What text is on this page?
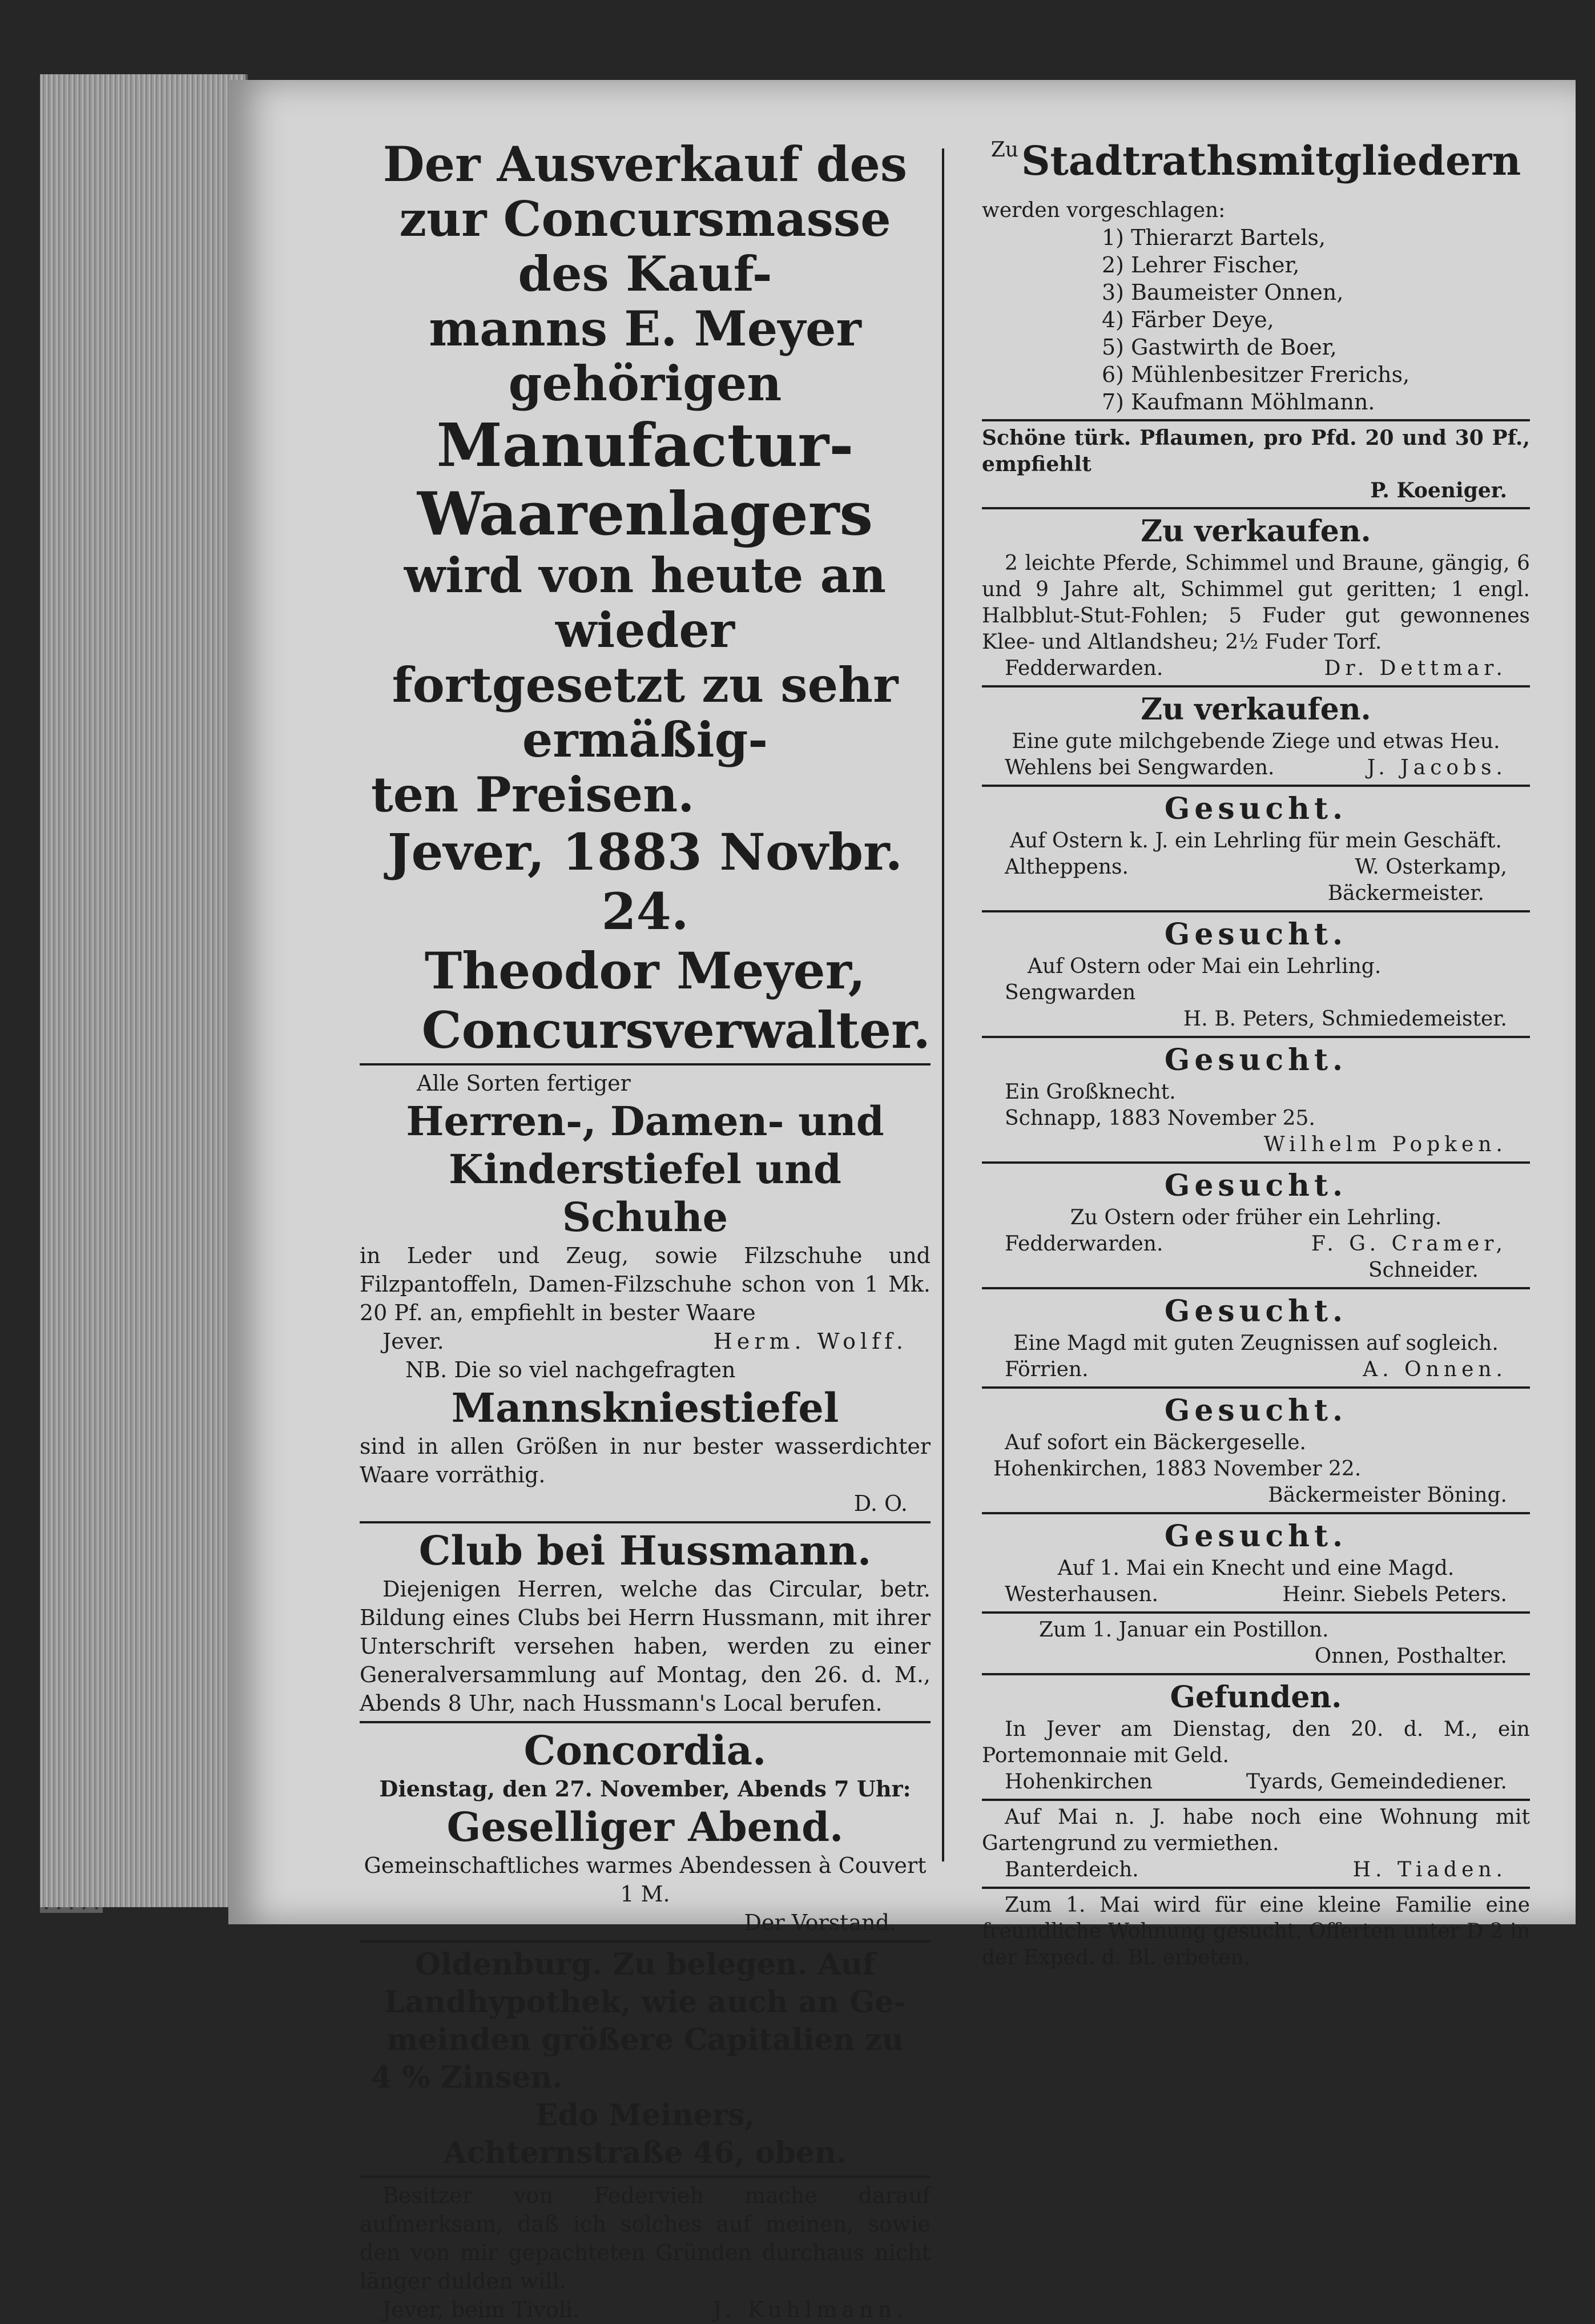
Der Ausverkauf des
zur Concursmasse des Kauf-
manns E. Meyer gehörigen
Manufactur-
Waarenlagers
wird von heute an wieder
fortgesetzt zu sehr ermäßig-
ten Preisen.
Jever, 1883 Novbr. 24.
Theodor Meyer,
Concursverwalter.
Alle Sorten fertiger
Herren-, Damen- und
Kinderstiefel und Schuhe
in Leder und Zeug, sowie Filzschuhe und Filzpantoffeln, Damen-Filzschuhe schon von 1 Mk. 20 Pf. an, empfiehlt in bester Waare
Jever.	Herm. Wolff.
NB. Die so viel nachgefragten
Mannskniestiefel
sind in allen Größen in nur bester wasserdichter Waare vorräthig.
D. O.
Club bei Hussmann.
Diejenigen Herren, welche das Circular, betr. Bildung eines Clubs bei Herrn Hussmann, mit ihrer Unterschrift versehen haben, werden zu einer Generalversammlung auf Montag, den 26. d. M., Abends 8 Uhr, nach Hussmann's Local berufen.
Concordia.
Dienstag, den 27. November, Abends 7 Uhr:
Geselliger Abend.
Gemeinschaftliches warmes Abendessen à Couvert 1 M.
Der Vorstand.
Oldenburg. Zu belegen. Auf
Landhypothek, wie auch an Ge-
meinden größere Capitalien zu
4 % Zinsen.
Edo Meiners,
Achternstraße 46, oben.
Besitzer von Federvieh mache darauf aufmerksam, daß ich solches auf meinen, sowie den von mir gepachteten Gründen durchaus nicht länger dulden will.
Jever, beim Tivoli.	J. Kuhlmann.
Zu Stadtrathsmitgliedern
werden vorgeschlagen:
1) Thierarzt Bartels,
2) Lehrer Fischer,
3) Baumeister Onnen,
4) Färber Deye,
5) Gastwirth de Boer,
6) Mühlenbesitzer Frerichs,
7) Kaufmann Möhlmann.
Schöne türk. Pflaumen, pro Pfd. 20 und 30 Pf., empfiehlt
P. Koeniger.
Zu verkaufen.
2 leichte Pferde, Schimmel und Braune, gängig, 6 und 9 Jahre alt, Schimmel gut geritten; 1 engl. Halbblut-Stut-Fohlen; 5 Fuder gut gewonnenes Klee- und Altlandsheu; 2½ Fuder Torf.
Fedderwarden.	Dr. Dettmar.
Zu verkaufen.
Eine gute milchgebende Ziege und etwas Heu.
Wehlens bei Sengwarden.	J. Jacobs.
Gesucht.
Auf Ostern k. J. ein Lehrling für mein Geschäft.
Altheppens.	W. Osterkamp,
Bäckermeister.
Gesucht.
Auf Ostern oder Mai ein Lehrling.
Sengwarden
H. B. Peters, Schmiedemeister.
Gesucht.
Ein Großknecht.
Schnapp, 1883 November 25.
Wilhelm Popken.
Gesucht.
Zu Ostern oder früher ein Lehrling.
Fedderwarden.	F. G. Cramer,
Schneider.
Gesucht.
Eine Magd mit guten Zeugnissen auf sogleich.
Förrien.	A. Onnen.
Gesucht.
Auf sofort ein Bäckergeselle.
Hohenkirchen, 1883 November 22.
Bäckermeister Böning.
Gesucht.
Auf 1. Mai ein Knecht und eine Magd.
Westerhausen.	Heinr. Siebels Peters.
Zum 1. Januar ein Postillon.
Onnen, Posthalter.
Gefunden.
In Jever am Dienstag, den 20. d. M., ein Portemonnaie mit Geld.
Hohenkirchen	Tyards, Gemeindediener.
Auf Mai n. J. habe noch eine Wohnung mit Gartengrund zu vermiethen.
Banterdeich.	H. Tiaden.
Zum 1. Mai wird für eine kleine Familie eine freundliche Wohnung gesucht. Offerten unter D 2 in der Exped. d. Bl. erbeten.
